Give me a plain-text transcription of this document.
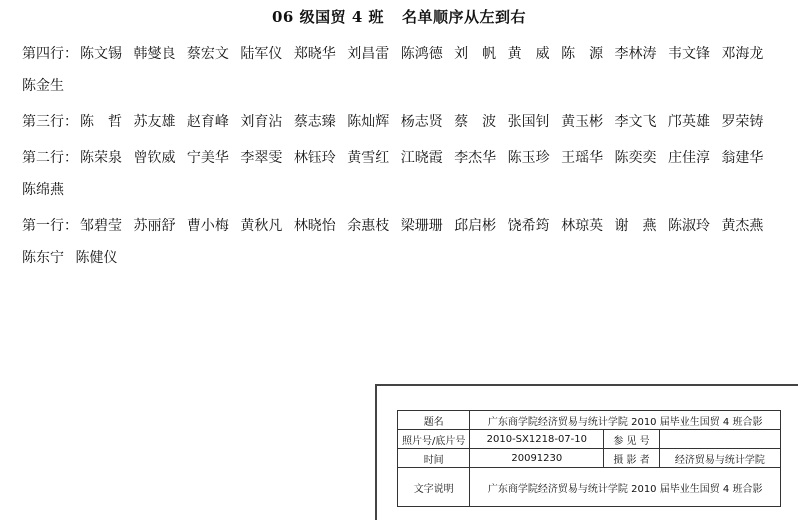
06 级国贸 4 班 名单顺序从左到右
第四行： 陈文锡 韩燮良 蔡宏文 陆军仪 郑晓华 刘昌雷 陈鸿德 刘　帆 黄　威 陈　源 李林涛 韦文锋 邓海龙 陈金生
第三行： 陈　哲 苏友雄 赵育峰 刘育沾 蔡志臻 陈灿辉 杨志贤 蔡　波 张国钊 黄玉彬 李文飞 邝英雄 罗荣铸
第二行： 陈荣泉 曾钦威 宁美华 李翠雯 林钰玲 黄雪红 江晓霞 李杰华 陈玉珍 王瑶华 陈奕奕 庄佳淳 翁建华 陈绵燕
第一行： 邹碧莹 苏丽舒 曹小梅 黄秋凡 林晓怡 余惠枝 梁珊珊 邱启彬 饶希筠 林琼英 谢　燕 陈淑玲 黄杰燕 陈东宁 陈健仪
题名	广东商学院经济贸易与统计学院 2010 届毕业生国贸 4 班合影		
照片号/底片号	2010-SX1218-07-10	参 见 号	
时间	20091230	摄 影 者	经济贸易与统计学院
文字说明	广东商学院经济贸易与统计学院 2010 届毕业生国贸 4 班合影		
